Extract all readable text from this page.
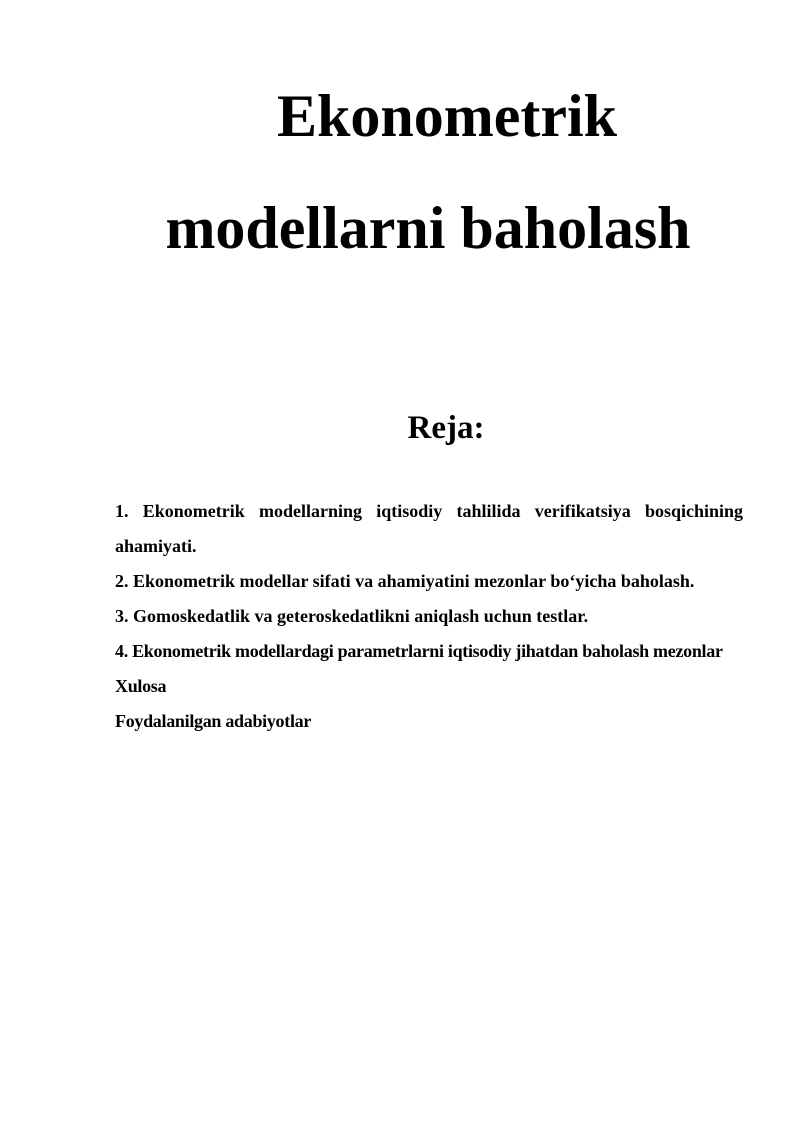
Ekonometrik
modellarni baholash
Reja:
1. Ekonometrik modellarning iqtisodiy tahlilida verifikatsiya bosqichining ahamiyati.
2. Ekonometrik modellar sifati va ahamiyatini mezonlar bo‘yicha baholash.
3. Gomoskedatlik va geteroskedatlikni aniqlash uchun testlar.
4. Ekonometrik modellardagi parametrlarni iqtisodiy jihatdan baholash mezonlar
Xulosa
Foydalanilgan adabiyotlar
